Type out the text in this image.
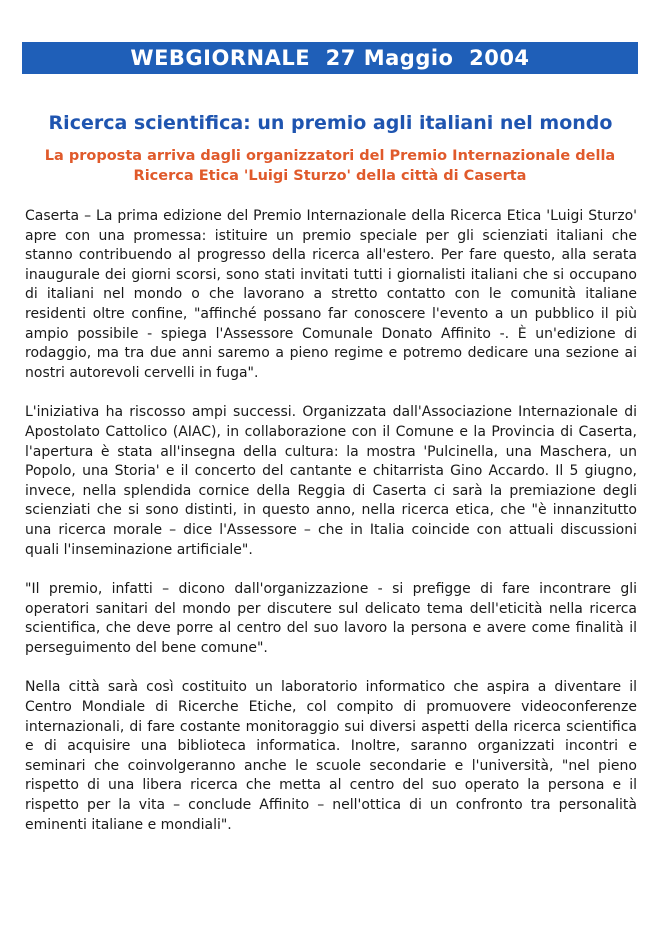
WEBGIORNALE  27 Maggio  2004
Ricerca scientifica: un premio agli italiani nel mondo
La proposta arriva dagli organizzatori del Premio Internazionale della Ricerca Etica 'Luigi Sturzo' della città di Caserta

Caserta – La prima edizione del Premio Internazionale della Ricerca Etica 'Luigi Sturzo' apre con una promessa: istituire un premio speciale per gli scienziati italiani che stanno contribuendo al progresso della ricerca all'estero. Per fare questo, alla serata inaugurale dei giorni scorsi, sono stati invitati tutti i giornalisti italiani che si occupano di italiani nel mondo o che lavorano a stretto contatto con le comunità italiane residenti oltre confine, "affinché possano far conoscere l'evento a un pubblico il più ampio possibile - spiega l'Assessore Comunale Donato Affinito -. È un'edizione di rodaggio, ma tra due anni saremo a pieno regime e potremo dedicare una sezione ai nostri autorevoli cervelli in fuga".

L'iniziativa ha riscosso ampi successi. Organizzata dall'Associazione Internazionale di Apostolato Cattolico (AIAC), in collaborazione con il Comune e la Provincia di Caserta, l'apertura è stata all'insegna della cultura: la mostra 'Pulcinella, una Maschera, un Popolo, una Storia' e il concerto del cantante e chitarrista Gino Accardo. Il 5 giugno, invece, nella splendida cornice della Reggia di Caserta ci sarà la premiazione degli scienziati che si sono distinti, in questo anno, nella ricerca etica, che "è innanzitutto una ricerca morale – dice l'Assessore – che in Italia coincide con attuali discussioni quali l'inseminazione artificiale".

"Il premio, infatti – dicono dall'organizzazione - si prefigge di fare incontrare gli operatori sanitari del mondo per discutere sul delicato tema dell'eticità nella ricerca scientifica, che deve porre al centro del suo lavoro la persona e avere come finalità il perseguimento del bene comune".

Nella città sarà così costituito un laboratorio informatico che aspira a diventare il Centro Mondiale di Ricerche Etiche, col compito di promuovere videoconferenze internazionali, di fare costante monitoraggio sui diversi aspetti della ricerca scientifica e di acquisire una biblioteca informatica. Inoltre, saranno organizzati incontri e seminari che coinvolgeranno anche le scuole secondarie e l'università, "nel pieno rispetto di una libera ricerca che metta al centro del suo operato la persona e il rispetto per la vita – conclude Affinito – nell'ottica di un confronto tra personalità eminenti italiane e mondiali".
